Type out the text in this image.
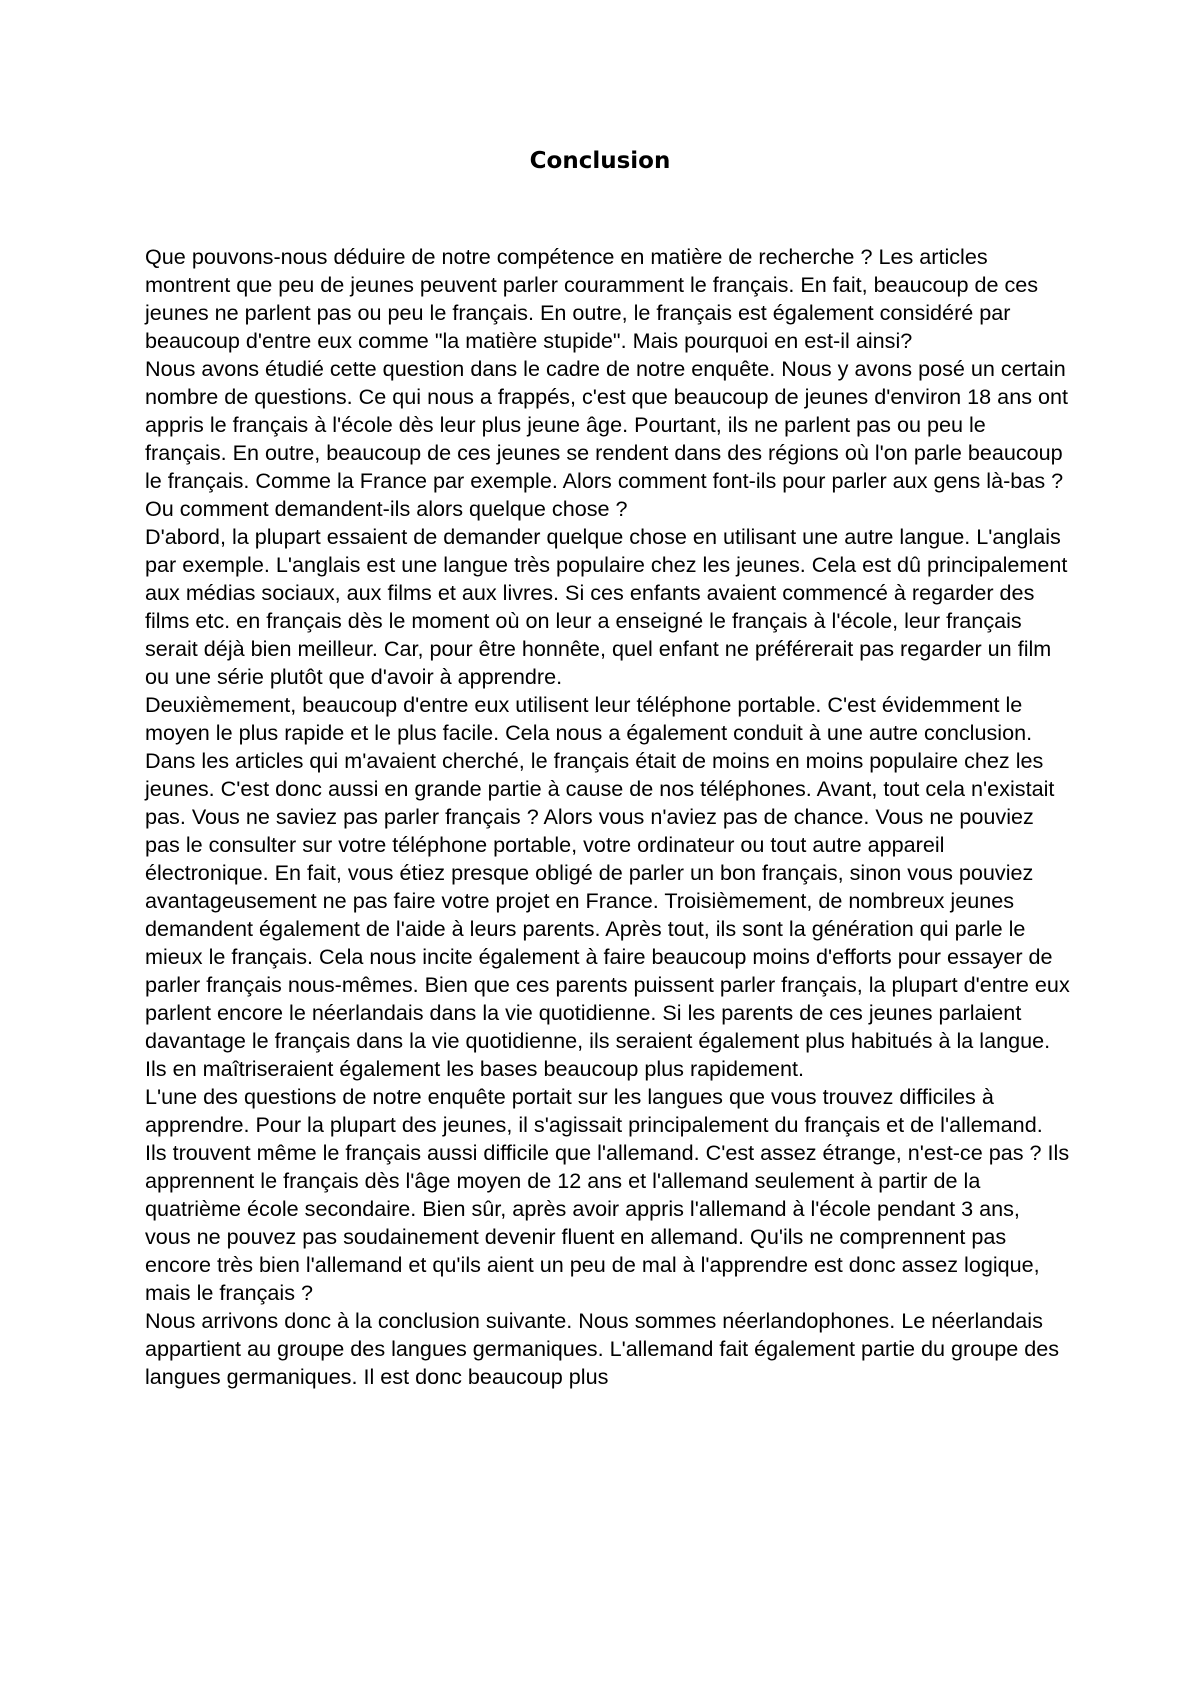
Conclusion

Que pouvons-nous déduire de notre compétence en matière de recherche ? Les articles montrent que peu de jeunes peuvent parler couramment le français. En fait, beaucoup de ces jeunes ne parlent pas ou peu le français. En outre, le français est également considéré par beaucoup d'entre eux comme "la matière stupide". Mais pourquoi en est-il ainsi?

Nous avons étudié cette question dans le cadre de notre enquête. Nous y avons posé un certain nombre de questions. Ce qui nous a frappés, c'est que beaucoup de jeunes d'environ 18 ans ont appris le français à l'école dès leur plus jeune âge. Pourtant, ils ne parlent pas ou peu le français. En outre, beaucoup de ces jeunes se rendent dans des régions où l'on parle beaucoup le français. Comme la France par exemple. Alors comment font-ils pour parler aux gens là-bas ? Ou comment demandent-ils alors quelque chose ?

D'abord, la plupart essaient de demander quelque chose en utilisant une autre langue. L'anglais par exemple. L'anglais est une langue très populaire chez les jeunes. Cela est dû principalement aux médias sociaux, aux films et aux livres. Si ces enfants avaient commencé à regarder des films etc. en français dès le moment où on leur a enseigné le français à l'école, leur français serait déjà bien meilleur. Car, pour être honnête, quel enfant ne préférerait pas regarder un film ou une série plutôt que d'avoir à apprendre.

Deuxièmement, beaucoup d'entre eux utilisent leur téléphone portable. C'est évidemment le moyen le plus rapide et le plus facile. Cela nous a également conduit à une autre conclusion. Dans les articles qui m'avaient cherché, le français était de moins en moins populaire chez les jeunes. C'est donc aussi en grande partie à cause de nos téléphones. Avant, tout cela n'existait pas. Vous ne saviez pas parler français ? Alors vous n'aviez pas de chance. Vous ne pouviez pas le consulter sur votre téléphone portable, votre ordinateur ou tout autre appareil électronique. En fait, vous étiez presque obligé de parler un bon français, sinon vous pouviez avantageusement ne pas faire votre projet en France. Troisièmement, de nombreux jeunes demandent également de l'aide à leurs parents. Après tout, ils sont la génération qui parle le mieux le français. Cela nous incite également à faire beaucoup moins d'efforts pour essayer de parler français nous-mêmes. Bien que ces parents puissent parler français, la plupart d'entre eux parlent encore le néerlandais dans la vie quotidienne. Si les parents de ces jeunes parlaient davantage le français dans la vie quotidienne, ils seraient également plus habitués à la langue. Ils en maîtriseraient également les bases beaucoup plus rapidement.

L'une des questions de notre enquête portait sur les langues que vous trouvez difficiles à apprendre. Pour la plupart des jeunes, il s'agissait principalement du français et de l'allemand. Ils trouvent même le français aussi difficile que l'allemand. C'est assez étrange, n'est-ce pas ? Ils apprennent le français dès l'âge moyen de 12 ans et l'allemand seulement à partir de la quatrième école secondaire. Bien sûr, après avoir appris l'allemand à l'école pendant 3 ans, vous ne pouvez pas soudainement devenir fluent en allemand. Qu'ils ne comprennent pas encore très bien l'allemand et qu'ils aient un peu de mal à l'apprendre est donc assez logique, mais le français ?

Nous arrivons donc à la conclusion suivante. Nous sommes néerlandophones. Le néerlandais appartient au groupe des langues germaniques. L'allemand fait également partie du groupe des langues germaniques. Il est donc beaucoup plus
